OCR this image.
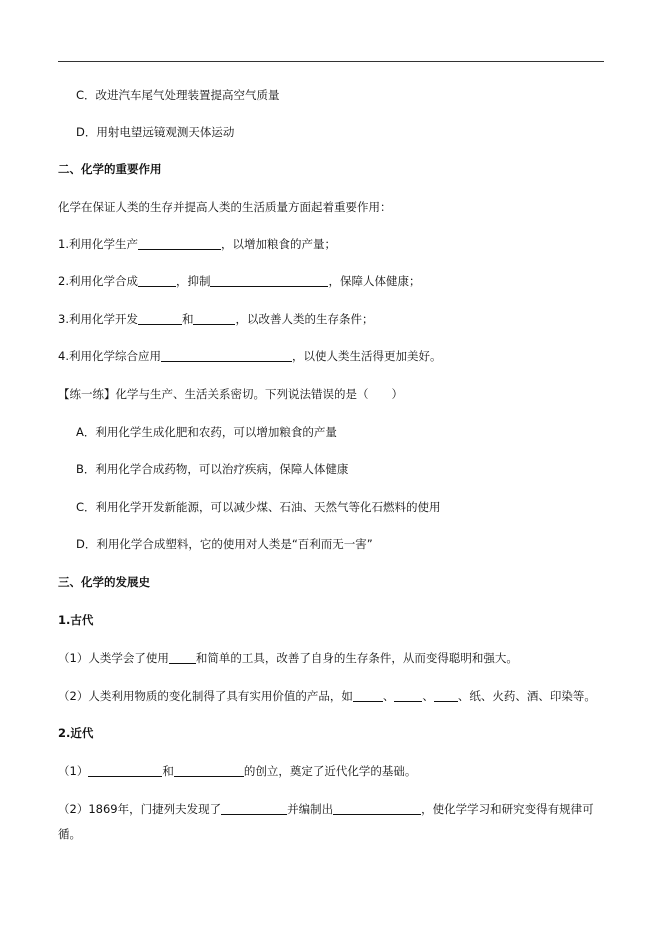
C．改进汽车尾气处理装置提高空气质量
D．用射电望远镜观测天体运动
二、化学的重要作用
化学在保证人类的生存并提高人类的生活质量方面起着重要作用：
1.利用化学生产	，以增加粮食的产量；
2.利用化学合成	，抑制	，保障人体健康；
3.利用化学开发	和	，以改善人类的生存条件；
4.利用化学综合应用	，以使人类生活得更加美好。
【练一练】化学与生产、生活关系密切。下列说法错误的是（　　）
A．利用化学生成化肥和农药，可以增加粮食的产量
B．利用化学合成药物，可以治疗疾病，保障人体健康
C．利用化学开发新能源，可以减少煤、石油、天然气等化石燃料的使用
D．利用化学合成塑料，它的使用对人类是“百利而无一害”
三、化学的发展史
1.古代
（1）人类学会了使用 和简单的工具，改善了自身的生存条件，从而变得聪明和强大。
（2）人类利用物质的变化制得了具有实用价值的产品，如	、 、 、纸、火药、酒、印染等。
2.近代
（1）	和	的创立，奠定了近代化学的基础。
（2）1869年，门捷列夫发现了	并编制出	，使化学学习和研究变得有规律可
循。
